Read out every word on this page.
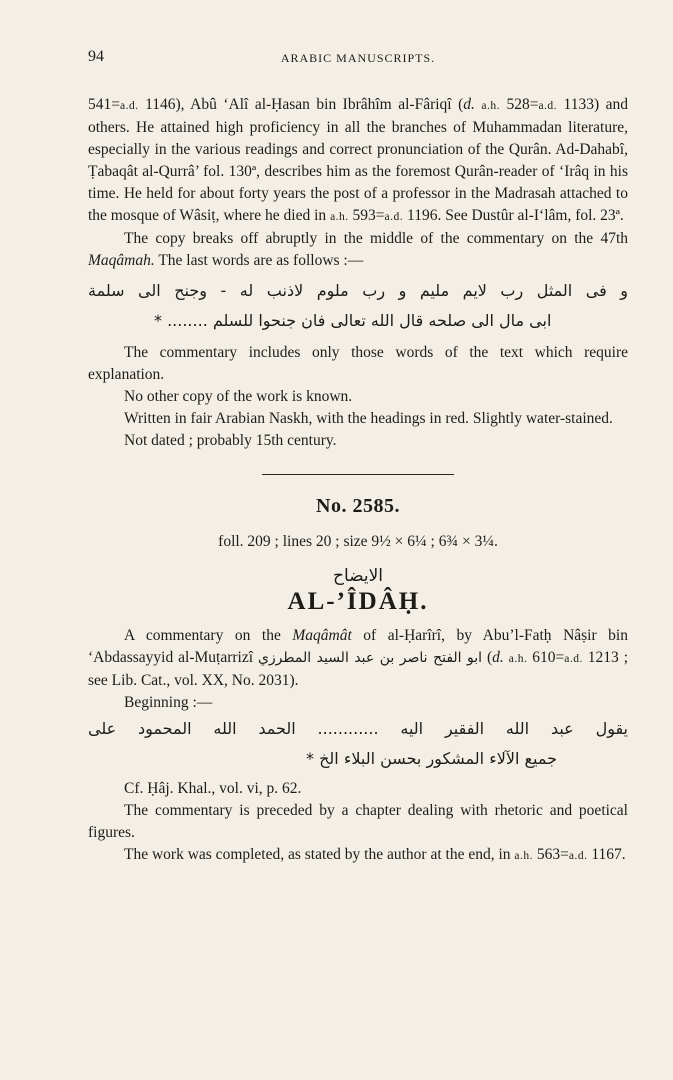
94	ARABIC MANUSCRIPTS.

541=a.d. 1146), Abû ‘Alî al-Ḥasan bin Ibrâhîm al-Fâriqî (d. a.h. 528=a.d. 1133) and others. He attained high proficiency in all the branches of Muhammadan literature, especially in the various readings and correct pronunciation of the Qurân. Ad-Dahabî, Ṭabaqât al-Qurrâ’ fol. 130ª, describes him as the foremost Qurân-reader of ‘Irâq in his time. He held for about forty years the post of a professor in the Madrasah attached to the mosque of Wâsiṭ, where he died in a.h. 593=a.d. 1196. See Dustûr al-I‘lâm, fol. 23ª.

The copy breaks off abruptly in the middle of the commentary on the 47th Maqâmah. The last words are as follows :—

و فى المثل رب لايم مليم و رب ملوم لاذنب له - وجنح الى سلمة

ابى مال الى صلحه قال الله تعالى فان جنحوا للسلم ........ *

The commentary includes only those words of the text which require explanation.

No other copy of the work is known.

Written in fair Arabian Naskh, with the headings in red. Slightly water-stained.

Not dated ; probably 15th century.

No. 2585.

foll. 209 ; lines 20 ; size 9½ × 6¼ ; 6¾ × 3¼.

الايضاح

AL-’ÎDÂḤ.

A commentary on the Maqâmât of al-Ḥarîrî, by Abu’l-Fatḥ Nâṣir bin ‘Abdassayyid al-Muṭarrizî ابو الفتح ناصر بن عبد السيد المطرزي (d. a.h. 610=a.d. 1213 ; see Lib. Cat., vol. XX, No. 2031).

Beginning :—

يقول عبد الله الفقير اليه ............ الحمد الله المحمود على

جميع الآلاء المشكور بحسن البلاء الخ *

Cf. Ḥâj. Khal., vol. vi, p. 62.

The commentary is preceded by a chapter dealing with rhetoric and poetical figures.

The work was completed, as stated by the author at the end, in a.h. 563=a.d. 1167.
